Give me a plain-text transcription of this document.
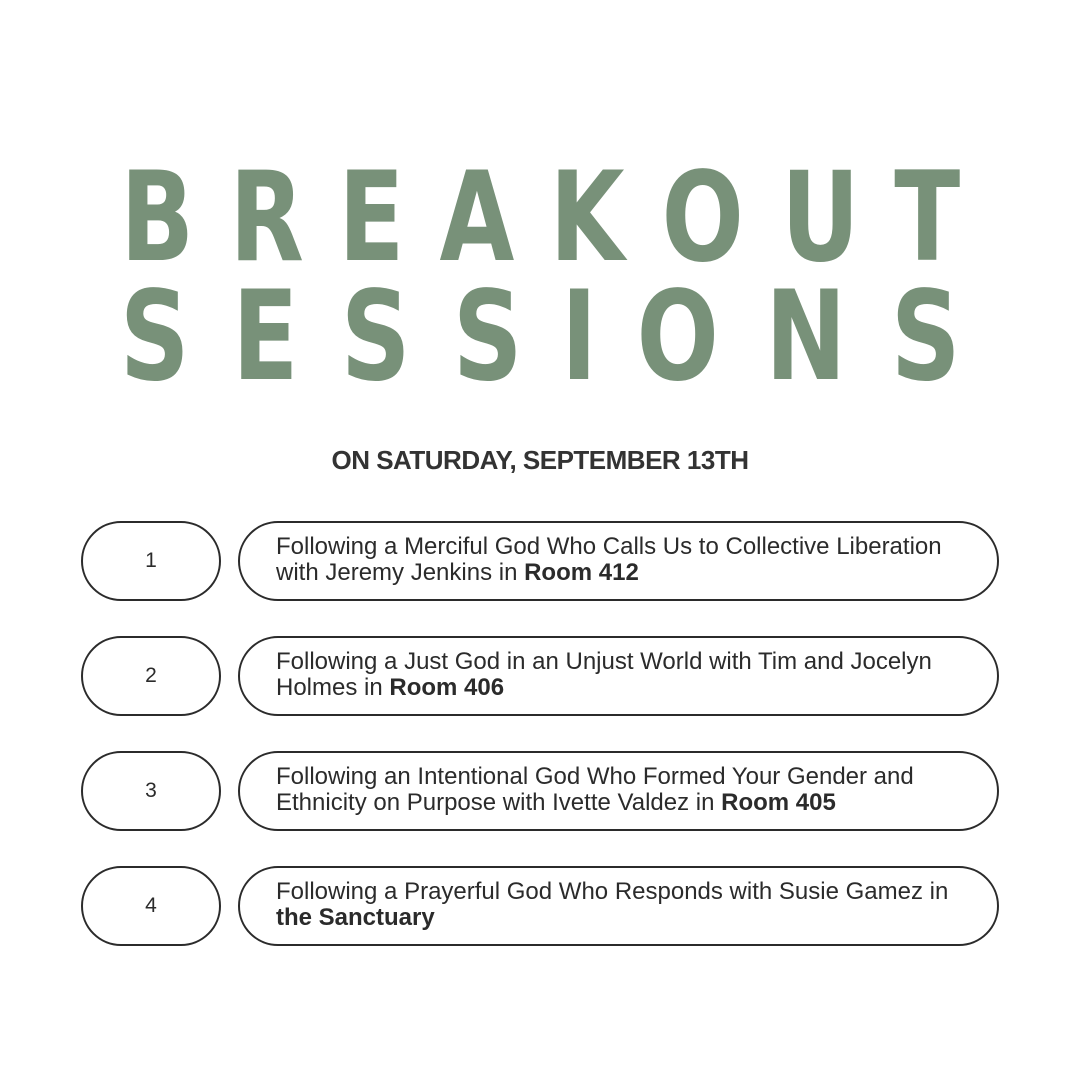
B R E A K O U T
S E S S I O N S
ON SATURDAY, SEPTEMBER 13TH
1
Following a Merciful God Who Calls Us to Collective Liberation with Jeremy Jenkins in Room 412
2
Following a Just God in an Unjust World with Tim and Jocelyn Holmes in Room 406
3
Following an Intentional God Who Formed Your Gender and Ethnicity on Purpose with Ivette Valdez in Room 405
4
Following a Prayerful God Who Responds with Susie Gamez in the Sanctuary
